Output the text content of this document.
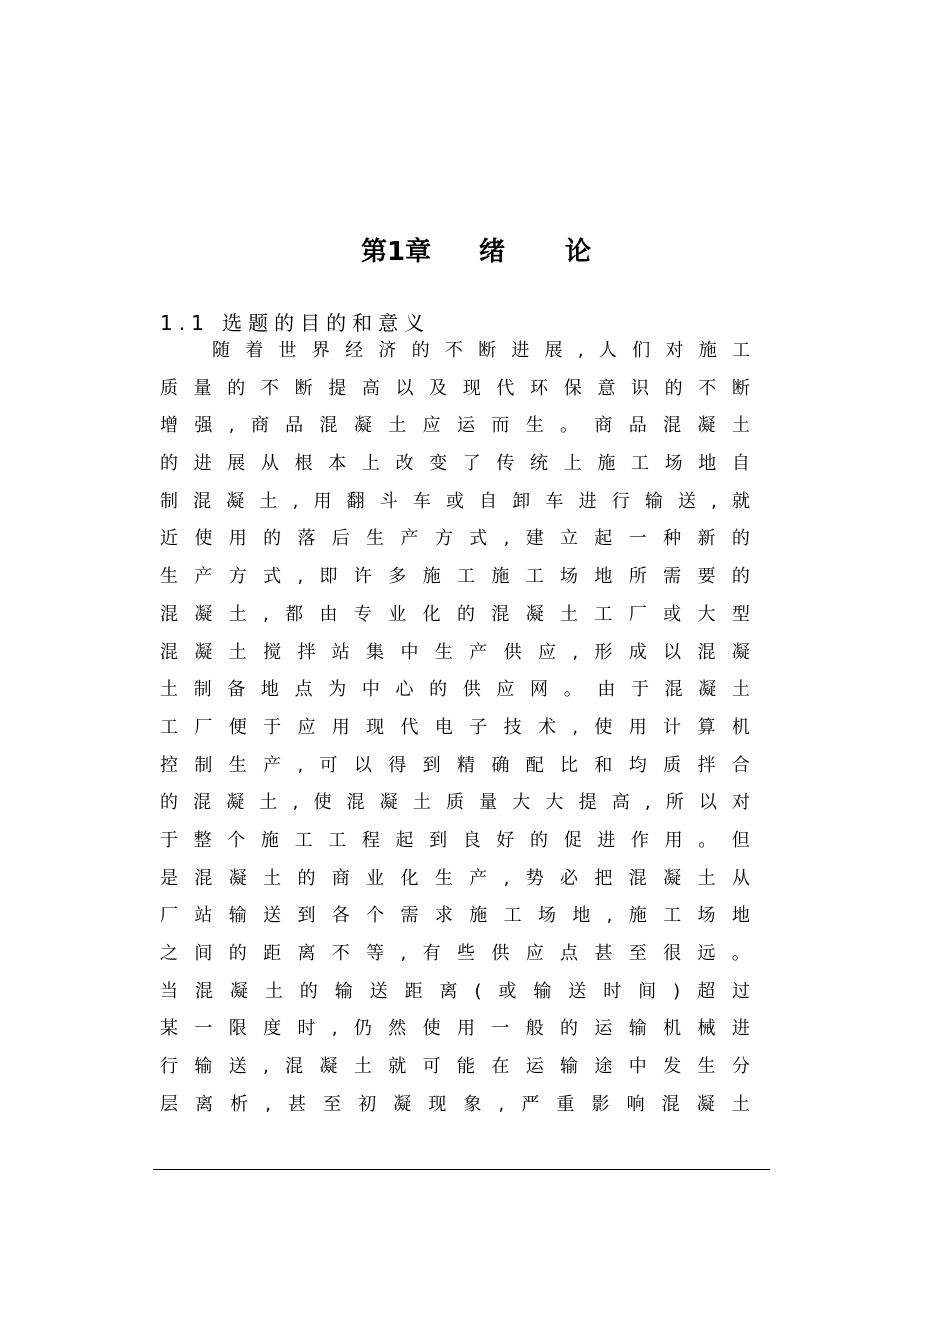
第1章 绪 论
1.1 选题的目的和意义
随 着 世 界 经 济 的 不 断 进 展 , 人 们 对 施 工
质 量 的 不 断 提 高 以 及 现 代 环 保 意 识 的 不 断
增 强 , 商 品 混 凝 土 应 运 而 生 。 商 品 混 凝 土
的 进 展 从 根 本 上 改 变 了 传 统 上 施 工 场 地 自
制 混 凝 土 , 用 翻 斗 车 或 自 卸 车 进 行 输 送 , 就
近 使 用 的 落 后 生 产 方 式 , 建 立 起 一 种 新 的
生 产 方 式 , 即 许 多 施 工 施 工 场 地 所 需 要 的
混 凝 土 , 都 由 专 业 化 的 混 凝 土 工 厂 或 大 型
混 凝 土 搅 拌 站 集 中 生 产 供 应 , 形 成 以 混 凝
土 制 备 地 点 为 中 心 的 供 应 网 。 由 于 混 凝 土
工 厂 便 于 应 用 现 代 电 子 技 术 , 使 用 计 算 机
控 制 生 产 , 可 以 得 到 精 确 配 比 和 均 质 拌 合
的 混 凝 土 , 使 混 凝 土 质 量 大 大 提 高 , 所 以 对
于 整 个 施 工 工 程 起 到 良 好 的 促 进 作 用 。 但
是 混 凝 土 的 商 业 化 生 产 , 势 必 把 混 凝 土 从
厂 站 输 送 到 各 个 需 求 施 工 场 地 , 施 工 场 地
之 间 的 距 离 不 等 , 有 些 供 应 点 甚 至 很 远 。
当 混 凝 土 的 输 送 距 离 ( 或 输 送 时 间 ) 超 过
某 一 限 度 时 , 仍 然 使 用 一 般 的 运 输 机 械 进
行 输 送 , 混 凝 土 就 可 能 在 运 输 途 中 发 生 分
层 离 析 , 甚 至 初 凝 现 象 , 严 重 影 响 混 凝 土
